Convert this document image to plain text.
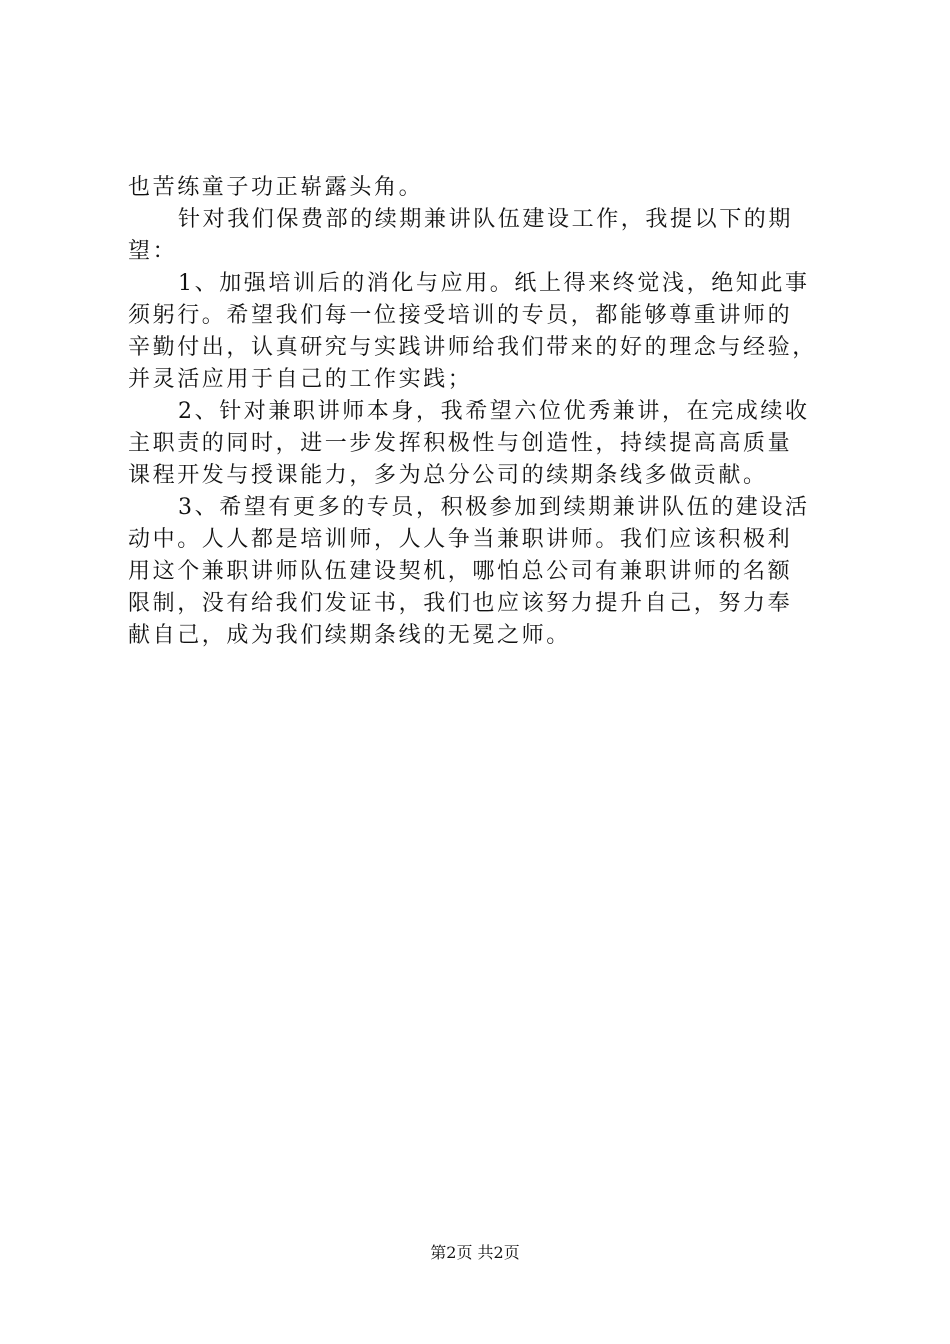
也苦练童子功正崭露头角。
针对我们保费部的续期兼讲队伍建设工作，我提以下的期
望：
1、加强培训后的消化与应用。纸上得来终觉浅，绝知此事
须躬行。希望我们每一位接受培训的专员，都能够尊重讲师的
辛勤付出，认真研究与实践讲师给我们带来的好的理念与经验，
并灵活应用于自己的工作实践；
2、针对兼职讲师本身，我希望六位优秀兼讲，在完成续收
主职责的同时，进一步发挥积极性与创造性，持续提高高质量
课程开发与授课能力，多为总分公司的续期条线多做贡献。
3、希望有更多的专员，积极参加到续期兼讲队伍的建设活
动中。人人都是培训师，人人争当兼职讲师。我们应该积极利
用这个兼职讲师队伍建设契机，哪怕总公司有兼职讲师的名额
限制，没有给我们发证书，我们也应该努力提升自己，努力奉
献自己，成为我们续期条线的无冕之师。
第2页 共2页
